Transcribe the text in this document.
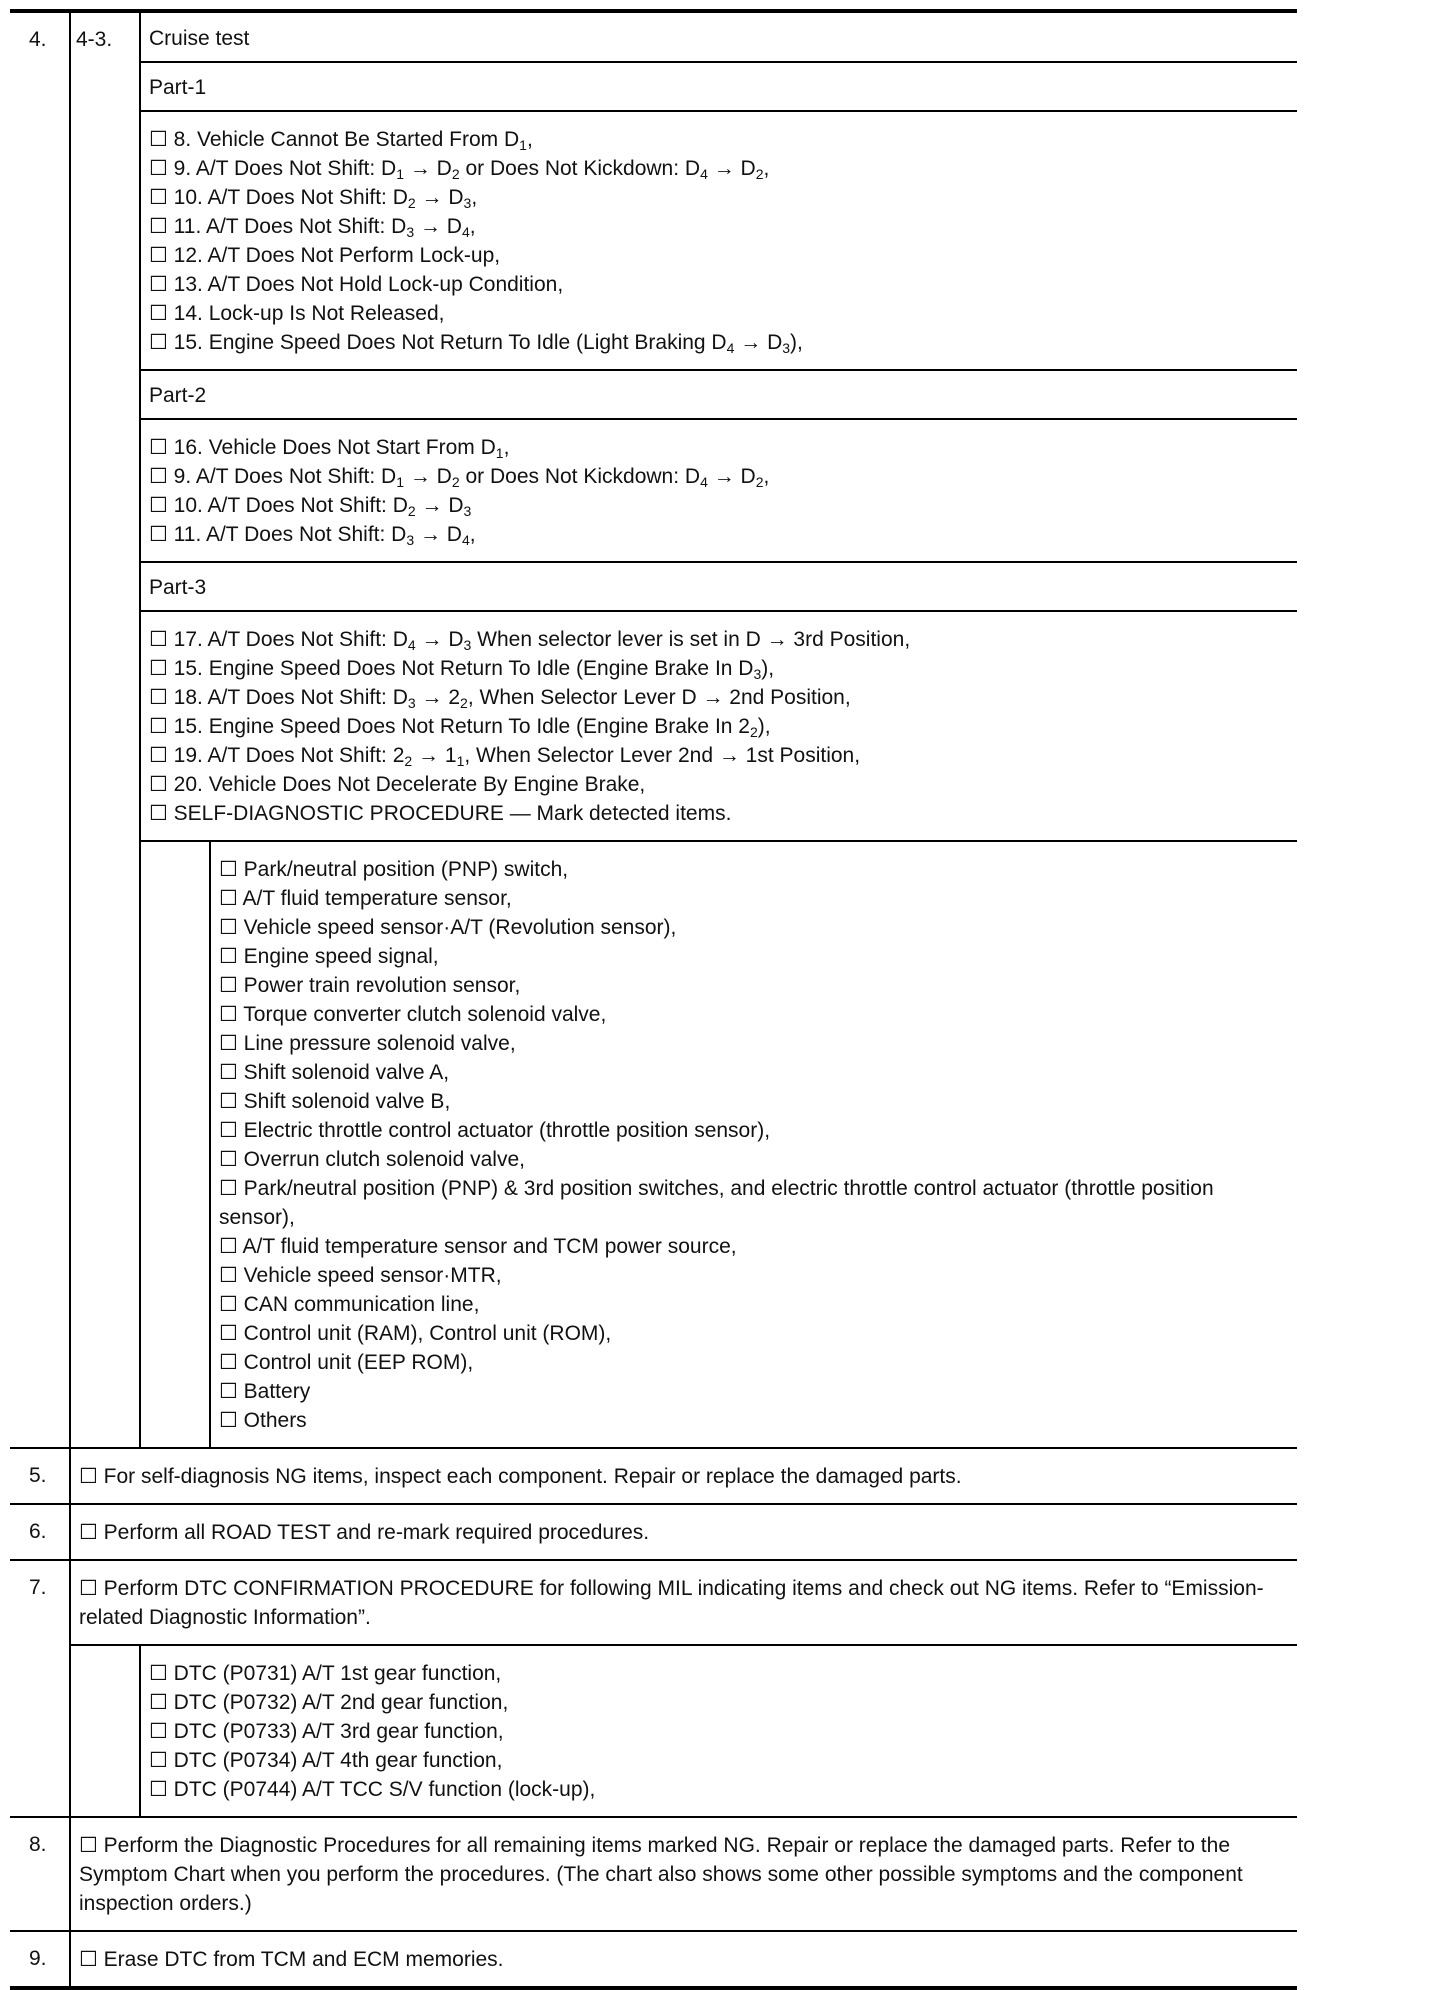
4.	4-3.	Cruise test
Part-1
☐ 8. Vehicle Cannot Be Started From $D_1$,
☐ 9. A/T Does Not Shift: $D_1 \to D_2$ or Does Not Kickdown: $D_4 \to D_2$,
☐ 10. A/T Does Not Shift: $D_2 \to D_3$,
☐ 11. A/T Does Not Shift: $D_3 \to D_4$,
☐ 12. A/T Does Not Perform Lock-up,
☐ 13. A/T Does Not Hold Lock-up Condition,
☐ 14. Lock-up Is Not Released,
☐ 15. Engine Speed Does Not Return To Idle (Light Braking $D_4 \to D_3$),
Part-2
☐ 16. Vehicle Does Not Start From $D_1$,
☐ 9. A/T Does Not Shift: $D_1 \to D_2$ or Does Not Kickdown: $D_4 \to D_2$,
☐ 10. A/T Does Not Shift: $D_2 \to D_3$
☐ 11. A/T Does Not Shift: $D_3 \to D_4$,
Part-3
☐ 17. A/T Does Not Shift: $D_4 \to D_3$ When selector lever is set in D → 3rd Position,
☐ 15. Engine Speed Does Not Return To Idle (Engine Brake In $D_3$),
☐ 18. A/T Does Not Shift: $D_3 \to 2_2$, When Selector Lever D → 2nd Position,
☐ 15. Engine Speed Does Not Return To Idle (Engine Brake In $2_2$),
☐ 19. A/T Does Not Shift: $2_2 \to 1_1$, When Selector Lever 2nd → 1st Position,
☐ 20. Vehicle Does Not Decelerate By Engine Brake,
☐ SELF-DIAGNOSTIC PROCEDURE — Mark detected items.
☐ Park/neutral position (PNP) switch,
☐ A/T fluid temperature sensor,
☐ Vehicle speed sensor·A/T (Revolution sensor),
☐ Engine speed signal,
☐ Power train revolution sensor,
☐ Torque converter clutch solenoid valve,
☐ Line pressure solenoid valve,
☐ Shift solenoid valve A,
☐ Shift solenoid valve B,
☐ Electric throttle control actuator (throttle position sensor),
☐ Overrun clutch solenoid valve,
☐ Park/neutral position (PNP) & 3rd position switches, and electric throttle control actuator (throttle position sensor),
☐ A/T fluid temperature sensor and TCM power source,
☐ Vehicle speed sensor·MTR,
☐ CAN communication line,
☐ Control unit (RAM), Control unit (ROM),
☐ Control unit (EEP ROM),
☐ Battery
☐ Others
5.	☐ For self-diagnosis NG items, inspect each component. Repair or replace the damaged parts.
6.	☐ Perform all ROAD TEST and re-mark required procedures.
7.	☐ Perform DTC CONFIRMATION PROCEDURE for following MIL indicating items and check out NG items. Refer to “Emission-related Diagnostic Information”.
☐ DTC (P0731) A/T 1st gear function,
☐ DTC (P0732) A/T 2nd gear function,
☐ DTC (P0733) A/T 3rd gear function,
☐ DTC (P0734) A/T 4th gear function,
☐ DTC (P0744) A/T TCC S/V function (lock-up),
8.	☐ Perform the Diagnostic Procedures for all remaining items marked NG. Repair or replace the damaged parts. Refer to the Symptom Chart when you perform the procedures. (The chart also shows some other possible symptoms and the component inspection orders.)
9.	☐ Erase DTC from TCM and ECM memories.
